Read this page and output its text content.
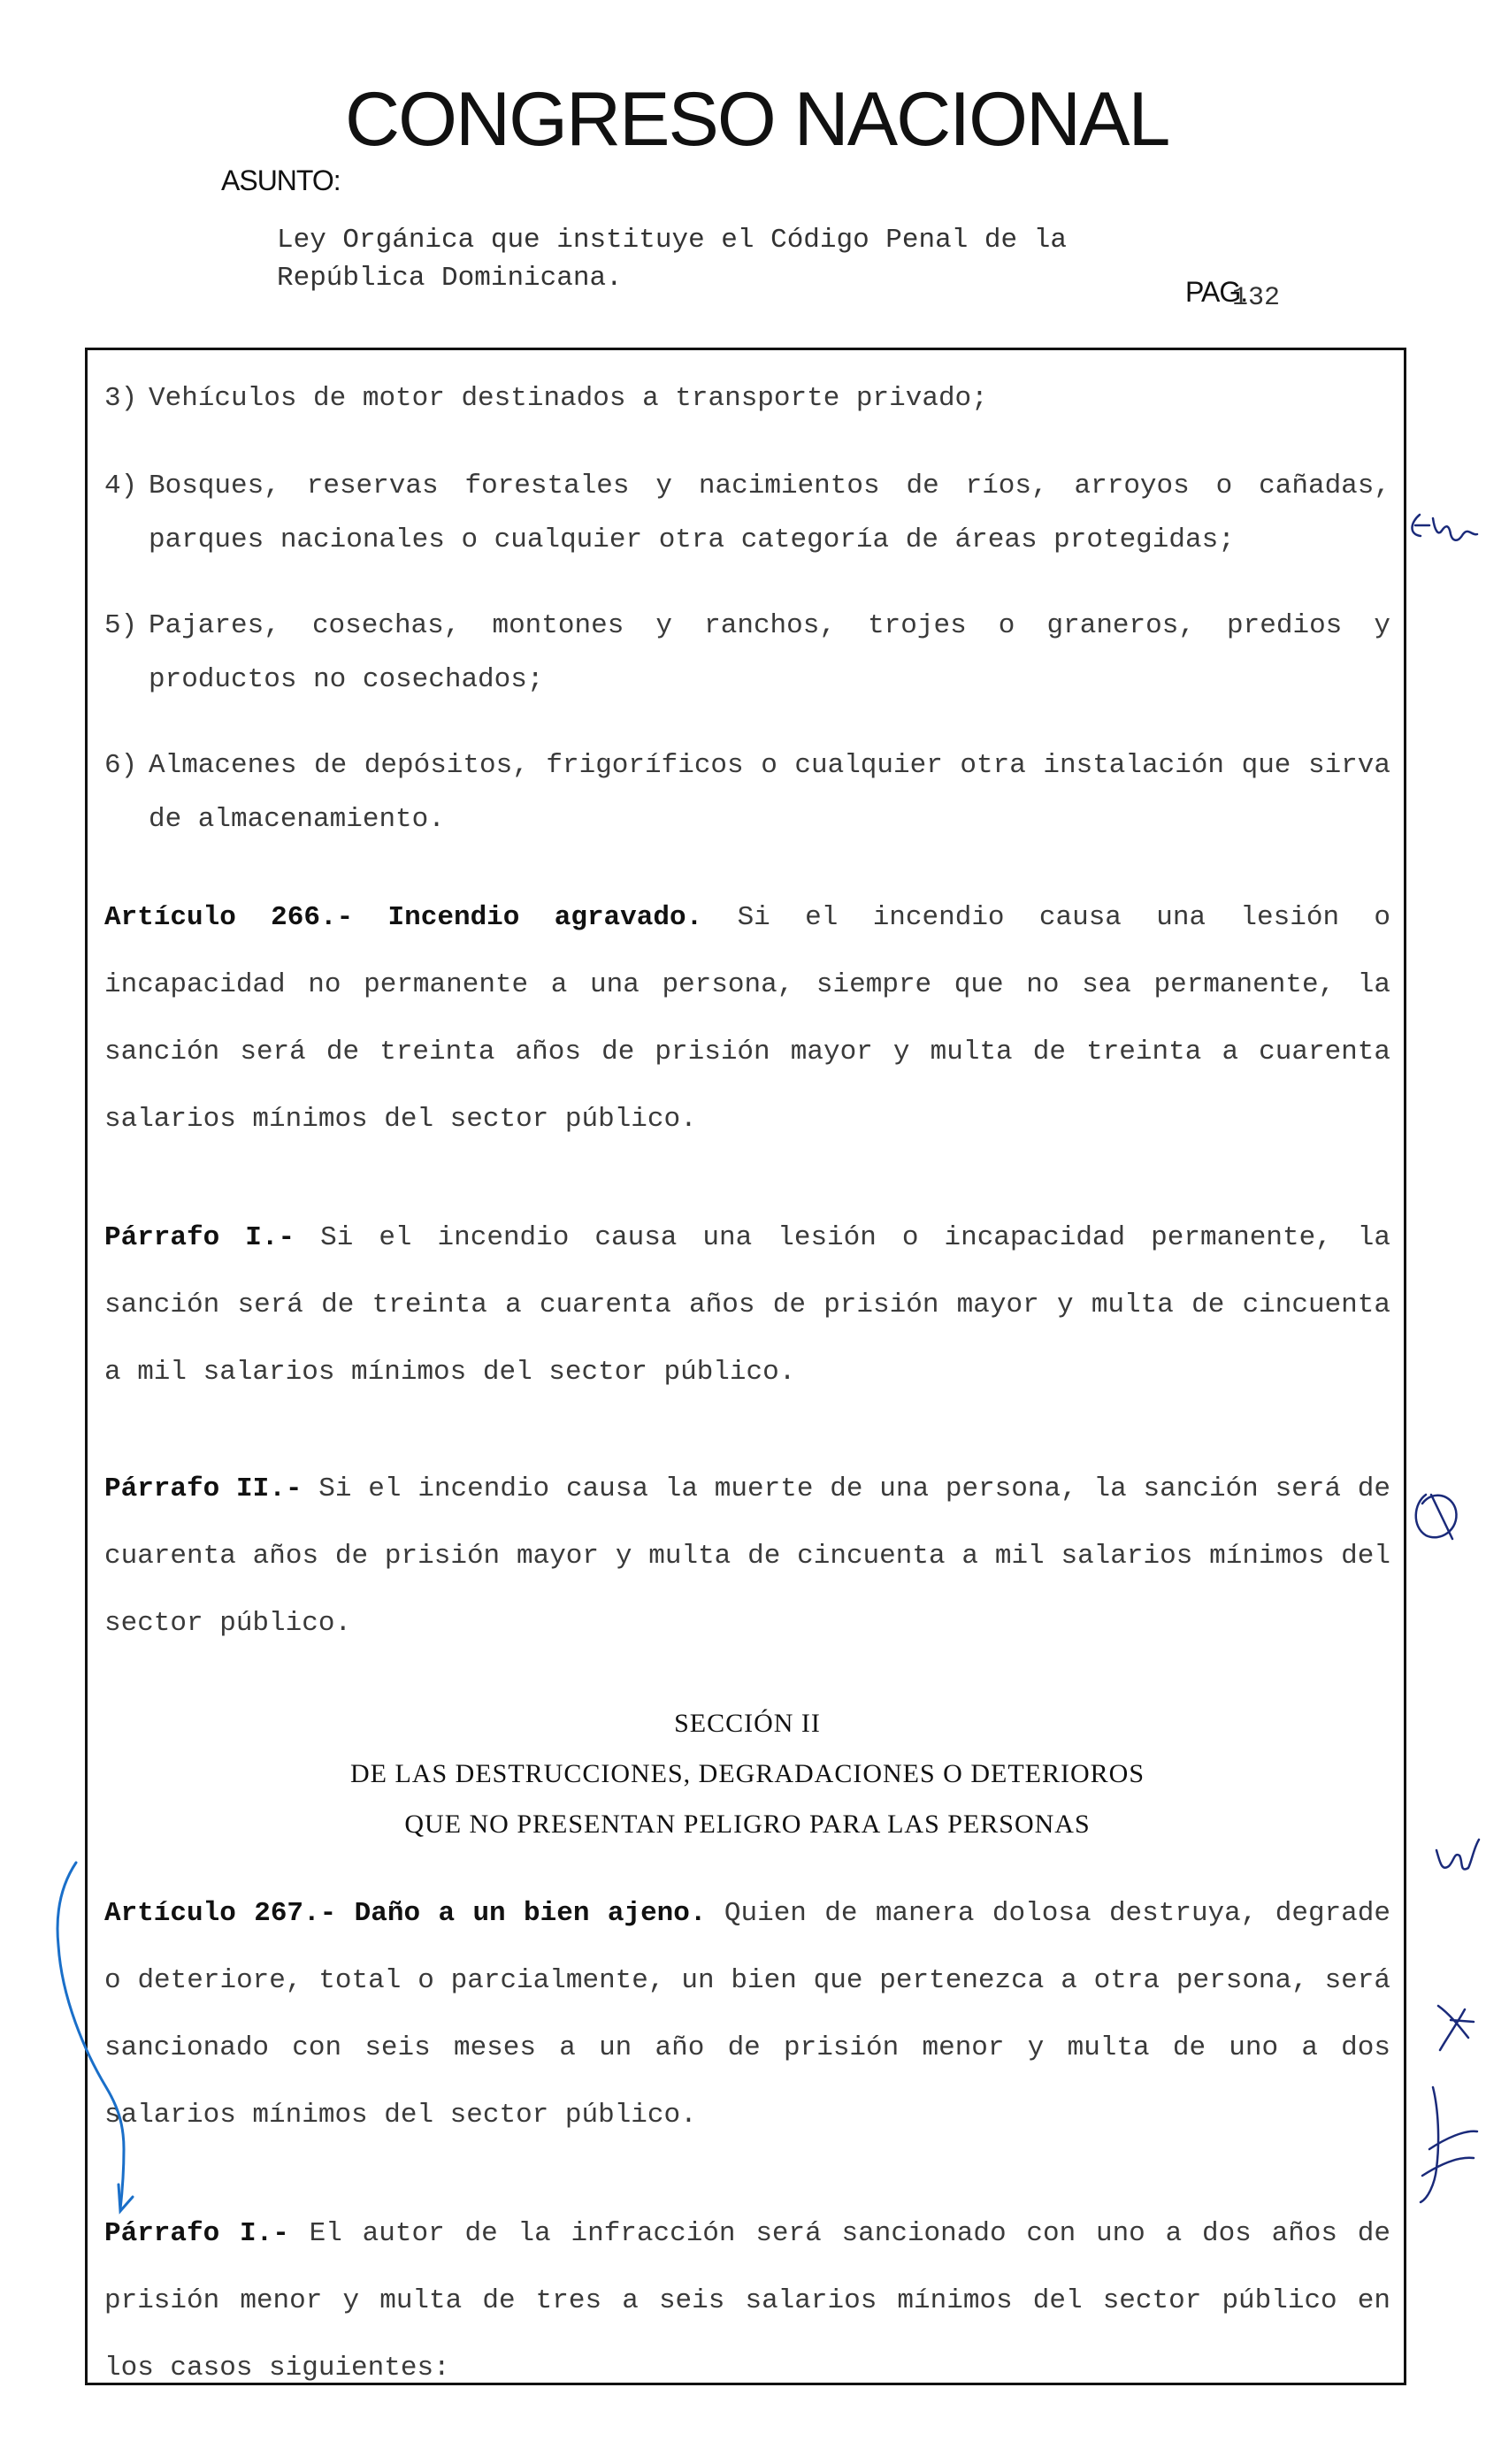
CONGRESO NACIONAL
ASUNTO:
Ley Orgánica que instituye el Código Penal de la
República Dominicana.	PAG.
132
3) Vehículos de motor destinados a transporte privado;
4) Bosques, reservas forestales y nacimientos de ríos, arroyos o cañadas, parques nacionales o cualquier otra categoría de áreas protegidas;
5) Pajares, cosechas, montones y ranchos, trojes o graneros, predios y productos no cosechados;
6) Almacenes de depósitos, frigoríficos o cualquier otra instalación que sirva de almacenamiento.
Artículo 266.- Incendio agravado. Si el incendio causa una lesión o incapacidad no permanente a una persona, siempre que no sea permanente, la sanción será de treinta años de prisión mayor y multa de treinta a cuarenta salarios mínimos del sector público.
Párrafo I.- Si el incendio causa una lesión o incapacidad permanente, la sanción será de treinta a cuarenta años de prisión mayor y multa de cincuenta a mil salarios mínimos del sector público.
Párrafo II.- Si el incendio causa la muerte de una persona, la sanción será de cuarenta años de prisión mayor y multa de cincuenta a mil salarios mínimos del sector público.
SECCIÓN II
DE LAS DESTRUCCIONES, DEGRADACIONES O DETERIOROS
QUE NO PRESENTAN PELIGRO PARA LAS PERSONAS
Artículo 267.- Daño a un bien ajeno. Quien de manera dolosa destruya, degrade o deteriore, total o parcialmente, un bien que pertenezca a otra persona, será sancionado con seis meses a un año de prisión menor y multa de uno a dos salarios mínimos del sector público.
Párrafo I.- El autor de la infracción será sancionado con uno a dos años de prisión menor y multa de tres a seis salarios mínimos del sector público en los casos siguientes:
